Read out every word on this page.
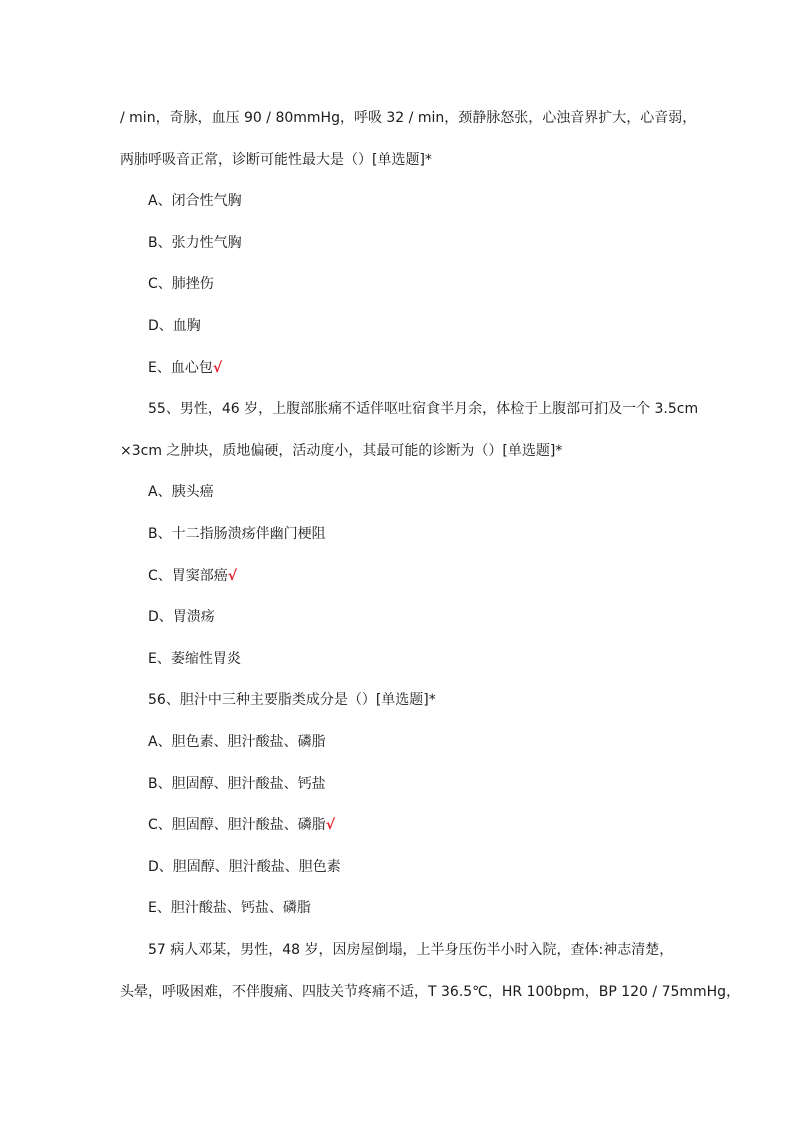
/ min，奇脉，血压 90 / 80mmHg，呼吸 32 / min，颈静脉怒张，心浊音界扩大，心音弱，
两肺呼吸音正常，诊断可能性最大是（）[单选题]*
A、闭合性气胸
B、张力性气胸
C、肺挫伤
D、血胸
E、血心包√
55、男性，46 岁，上腹部胀痛不适伴呕吐宿食半月余，体检于上腹部可扪及一个 3.5cm
×3cm 之肿块，质地偏硬，活动度小，其最可能的诊断为（）[单选题]*
A、胰头癌
B、十二指肠溃疡伴幽门梗阻
C、胃窦部癌√
D、胃溃疡
E、萎缩性胃炎
56、胆汁中三种主要脂类成分是（）[单选题]*
A、胆色素、胆汁酸盐、磷脂
B、胆固醇、胆汁酸盐、钙盐
C、胆固醇、胆汁酸盐、磷脂√
D、胆固醇、胆汁酸盐、胆色素
E、胆汁酸盐、钙盐、磷脂
57 病人邓某，男性，48 岁，因房屋倒塌，上半身压伤半小时入院，查体:神志清楚，
头晕，呼吸困难，不伴腹痛、四肢关节疼痛不适，T 36.5℃，HR 100bpm，BP 120 / 75mmHg，
